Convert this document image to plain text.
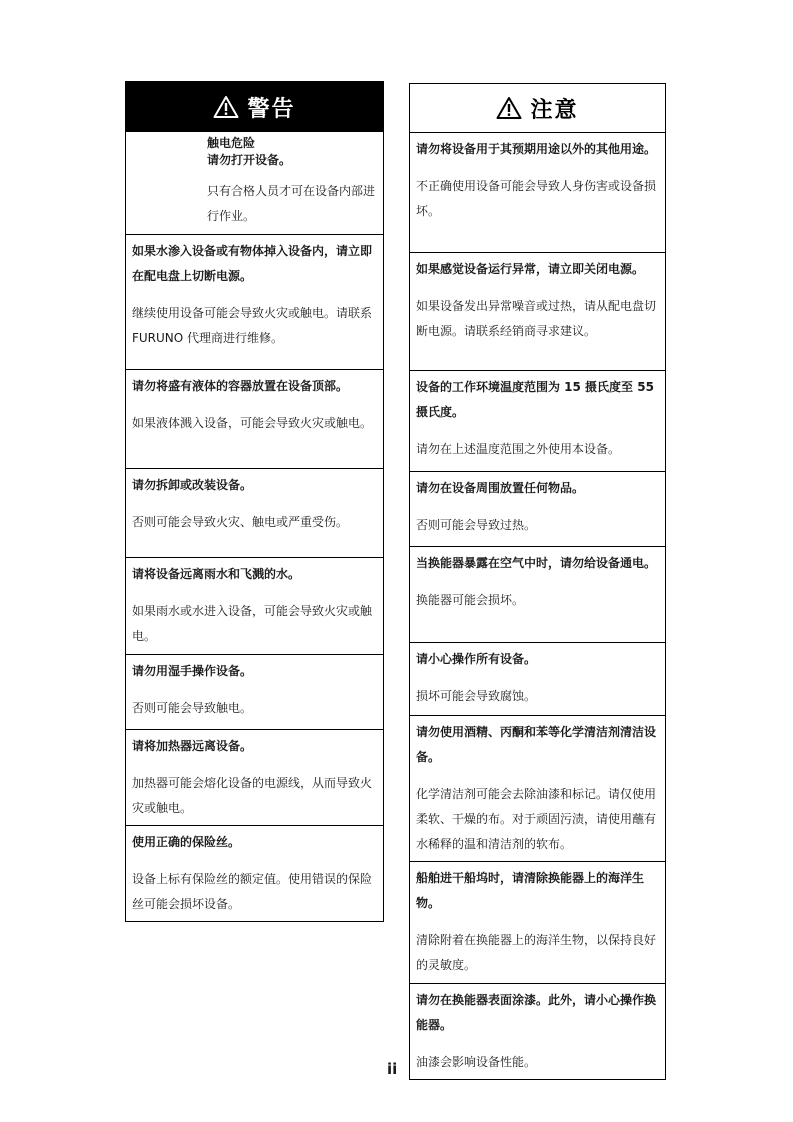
警告
触电危险
请勿打开设备。
只有合格人员才可在设备内部进行作业。
如果水渗入设备或有物体掉入设备内，请立即在配电盘上切断电源。
继续使用设备可能会导致火灾或触电。请联系 FURUNO 代理商进行维修。
请勿将盛有液体的容器放置在设备顶部。
如果液体溅入设备，可能会导致火灾或触电。
请勿拆卸或改装设备。
否则可能会导致火灾、触电或严重受伤。
请将设备远离雨水和飞溅的水。
如果雨水或水进入设备，可能会导致火灾或触电。
请勿用湿手操作设备。
否则可能会导致触电。
请将加热器远离设备。
加热器可能会熔化设备的电源线，从而导致火灾或触电。
使用正确的保险丝。
设备上标有保险丝的额定值。使用错误的保险丝可能会损坏设备。
注意
请勿将设备用于其预期用途以外的其他用途。
不正确使用设备可能会导致人身伤害或设备损坏。
如果感觉设备运行异常，请立即关闭电源。
如果设备发出异常噪音或过热，请从配电盘切断电源。请联系经销商寻求建议。
设备的工作环境温度范围为 15 摄氏度至 55 摄氏度。
请勿在上述温度范围之外使用本设备。
请勿在设备周围放置任何物品。
否则可能会导致过热。
当换能器暴露在空气中时，请勿给设备通电。
换能器可能会损坏。
请小心操作所有设备。
损坏可能会导致腐蚀。
请勿使用酒精、丙酮和苯等化学清洁剂清洁设备。
化学清洁剂可能会去除油漆和标记。请仅使用柔软、干燥的布。对于顽固污渍，请使用蘸有水稀释的温和清洁剂的软布。
船舶进干船坞时，请清除换能器上的海洋生物。
清除附着在换能器上的海洋生物，以保持良好的灵敏度。
请勿在换能器表面涂漆。此外，请小心操作换能器。
油漆会影响设备性能。
ii
